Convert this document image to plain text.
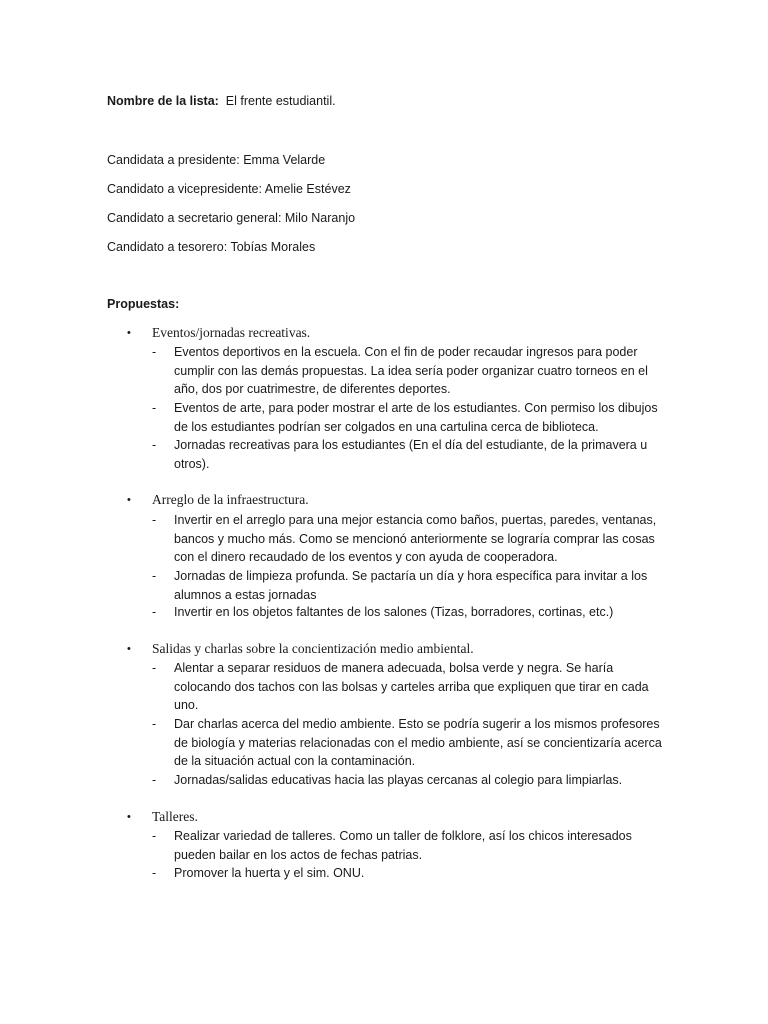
Nombre de la lista: El frente estudiantil.
Candidata a presidente: Emma Velarde
Candidato a vicepresidente: Amelie Estévez
Candidato a secretario general: Milo Naranjo
Candidato a tesorero: Tobías Morales
Propuestas:
• Eventos/jornadas recreativas.
- Eventos deportivos en la escuela. Con el fin de poder recaudar ingresos para poder cumplir con las demás propuestas. La idea sería poder organizar cuatro torneos en el año, dos por cuatrimestre, de diferentes deportes.
- Eventos de arte, para poder mostrar el arte de los estudiantes. Con permiso los dibujos de los estudiantes podrían ser colgados en una cartulina cerca de biblioteca.
- Jornadas recreativas para los estudiantes (En el día del estudiante, de la primavera u otros).
• Arreglo de la infraestructura.
- Invertir en el arreglo para una mejor estancia como baños, puertas, paredes, ventanas, bancos y mucho más. Como se mencionó anteriormente se lograría comprar las cosas con el dinero recaudado de los eventos y con ayuda de cooperadora.
- Jornadas de limpieza profunda. Se pactaría un día y hora específica para invitar a los alumnos a estas jornadas
- Invertir en los objetos faltantes de los salones (Tizas, borradores, cortinas, etc.)
• Salidas y charlas sobre la concientización medio ambiental.
- Alentar a separar residuos de manera adecuada, bolsa verde y negra. Se haría colocando dos tachos con las bolsas y carteles arriba que expliquen que tirar en cada uno.
- Dar charlas acerca del medio ambiente. Esto se podría sugerir a los mismos profesores de biología y materias relacionadas con el medio ambiente, así se concientizaría acerca de la situación actual con la contaminación.
- Jornadas/salidas educativas hacia las playas cercanas al colegio para limpiarlas.
• Talleres.
- Realizar variedad de talleres. Como un taller de folklore, así los chicos interesados pueden bailar en los actos de fechas patrias.
- Promover la huerta y el sim. ONU.
